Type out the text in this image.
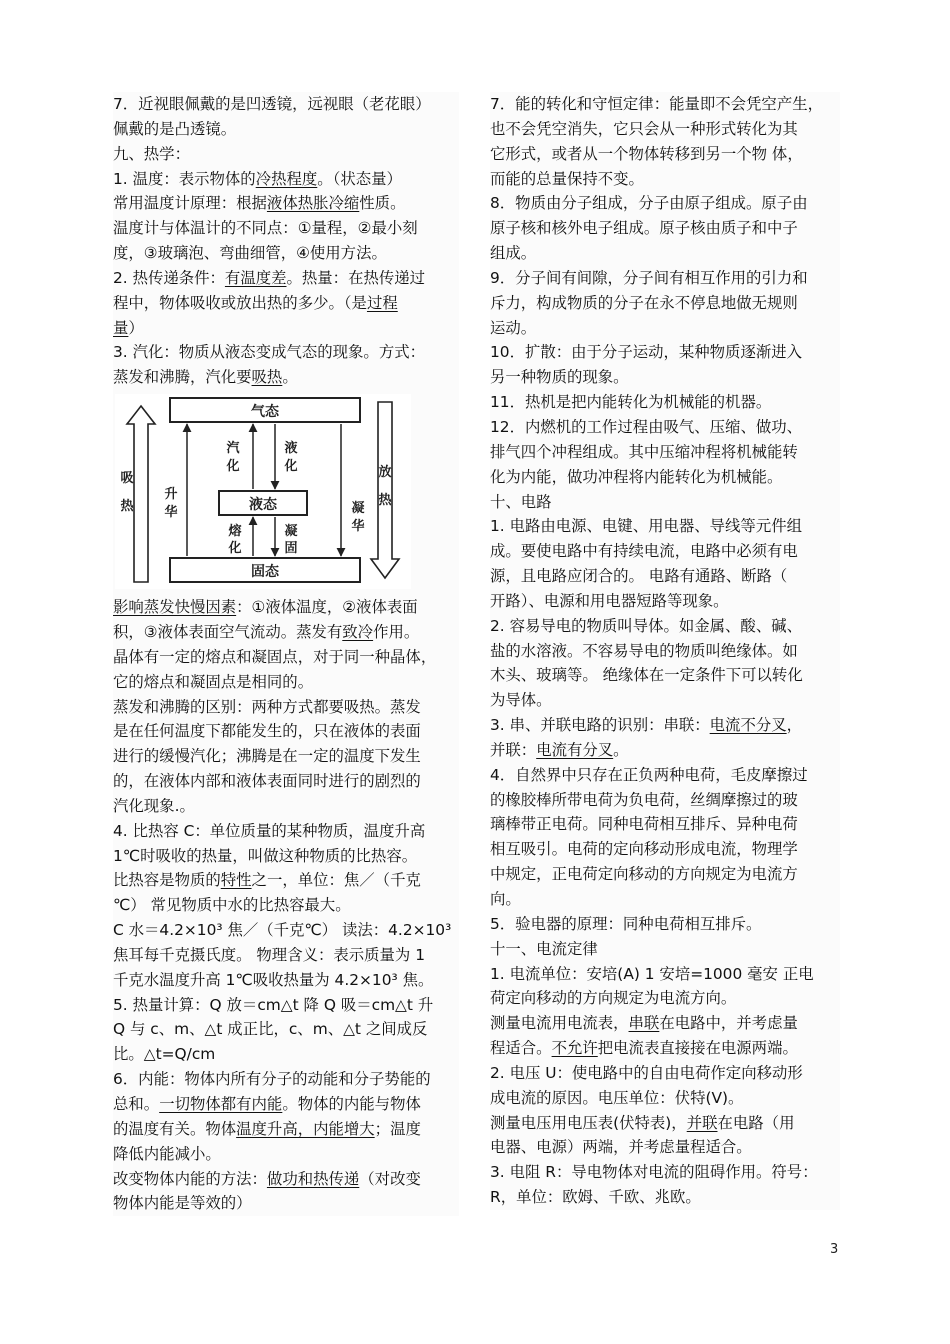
7．近视眼佩戴的是凹透镜，远视眼（老花眼）
佩戴的是凸透镜。
九、热学：
1. 温度：表示物体的冷热程度。（状态量）
常用温度计原理：根据液体热胀冷缩性质。
温度计与体温计的不同点：①量程，②最小刻
度，③玻璃泡、弯曲细管，④使用方法。
2. 热传递条件：有温度差。热量：在热传递过
程中，物体吸收或放出热的多少。（是过程
量）
3. 汽化：物质从液态变成气态的现象。方式：
蒸发和沸腾，汽化要吸热。
气态
液态
固态
汽
化
液
化
升
华	凝
华
熔
化
凝
固
吸
热
放
热
影响蒸发快慢因素：①液体温度，②液体表面
积，③液体表面空气流动。蒸发有致冷作用。
晶体有一定的熔点和凝固点，对于同一种晶体，
它的熔点和凝固点是相同的。
蒸发和沸腾的区别：两种方式都要吸热。蒸发
是在任何温度下都能发生的，只在液体的表面
进行的缓慢汽化；沸腾是在一定的温度下发生
的，在液体内部和液体表面同时进行的剧烈的
汽化现象.。
4. 比热容 C：单位质量的某种物质，温度升高
1℃时吸收的热量，叫做这种物质的比热容。
比热容是物质的特性之一，单位：焦／（千克
℃） 常见物质中水的比热容最大。
C 水＝4.2×10³ 焦／（千克℃） 读法：4.2×10³
焦耳每千克摄氏度。 物理含义：表示质量为 1
千克水温度升高 1℃吸收热量为 4.2×10³ 焦。
5. 热量计算：Q 放＝cm△t 降 Q 吸＝cm△t 升
Q 与 c、m、△t 成正比，c、m、△t 之间成反
比。△t=Q/cm
6．内能：物体内所有分子的动能和分子势能的
总和。一切物体都有内能。物体的内能与物体
的温度有关。物体温度升高，内能增大；温度
降低内能减小。
改变物体内能的方法：做功和热传递（对改变
物体内能是等效的）
7．能的转化和守恒定律：能量即不会凭空产生，
也不会凭空消失，它只会从一种形式转化为其
它形式，或者从一个物体转移到另一个物 体，
而能的总量保持不变。
8．物质由分子组成，分子由原子组成。原子由
原子核和核外电子组成。原子核由质子和中子
组成。
9．分子间有间隙，分子间有相互作用的引力和
斥力，构成物质的分子在永不停息地做无规则
运动。
10．扩散：由于分子运动，某种物质逐渐进入
另一种物质的现象。
11．热机是把内能转化为机械能的机器。
12．内燃机的工作过程由吸气、压缩、做功、
排气四个冲程组成。其中压缩冲程将机械能转
化为内能，做功冲程将内能转化为机械能。
十、电路
1. 电路由电源、电键、用电器、导线等元件组
成。要使电路中有持续电流，电路中必须有电
源，且电路应闭合的。 电路有通路、断路（
开路）、电源和用电器短路等现象。
2. 容易导电的物质叫导体。如金属、酸、碱、
盐的水溶液。不容易导电的物质叫绝缘体。如
木头、玻璃等。 绝缘体在一定条件下可以转化
为导体。
3. 串、并联电路的识别：串联：电流不分叉，
并联：电流有分叉。
4．自然界中只存在正负两种电荷，毛皮摩擦过
的橡胶棒所带电荷为负电荷，丝绸摩擦过的玻
璃棒带正电荷。同种电荷相互排斥、异种电荷
相互吸引。电荷的定向移动形成电流，物理学
中规定，正电荷定向移动的方向规定为电流方
向。
5．验电器的原理：同种电荷相互排斥。
十一、电流定律
1. 电流单位：安培(A) 1 安培=1000 毫安 正电
荷定向移动的方向规定为电流方向。
测量电流用电流表，串联在电路中，并考虑量
程适合。不允许把电流表直接接在电源两端。
2. 电压 U：使电路中的自由电荷作定向移动形
成电流的原因。电压单位：伏特(V)。
测量电压用电压表(伏特表)，并联在电路（用
电器、电源）两端，并考虑量程适合。
3. 电阻 R：导电物体对电流的阻碍作用。符号：
R，单位：欧姆、千欧、兆欧。
3
